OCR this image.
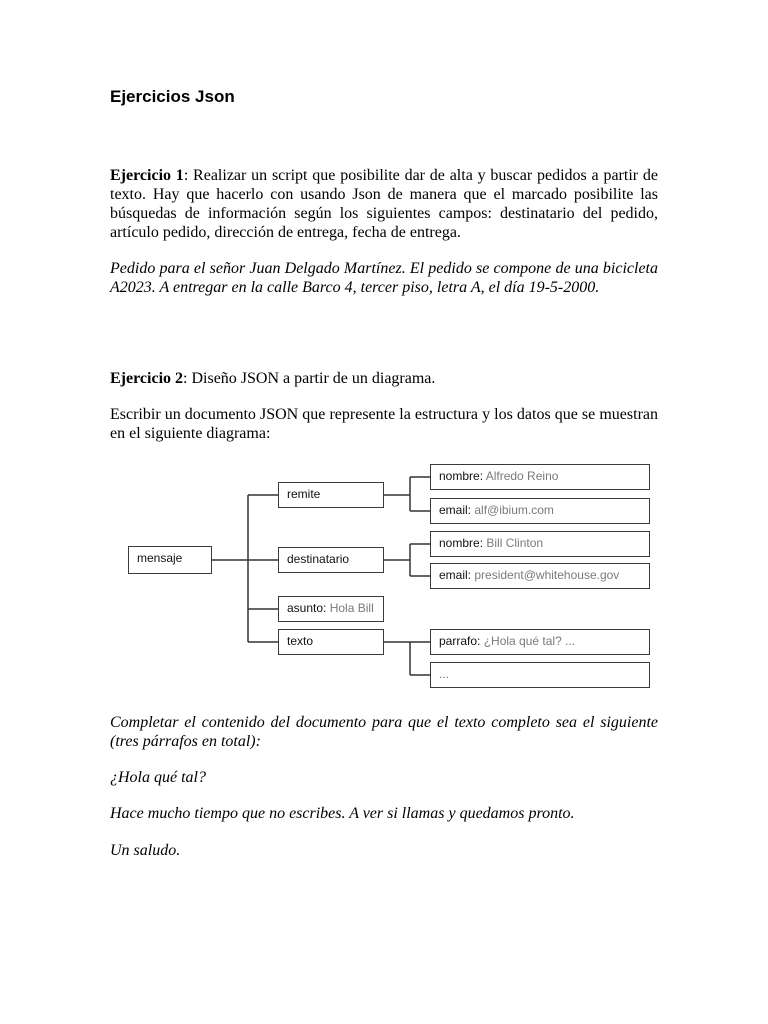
Ejercicios Json

Ejercicio 1: Realizar un script que posibilite dar de alta y buscar pedidos a partir de texto. Hay que hacerlo con usando Json de manera que el marcado posibilite las búsquedas de información según los siguientes campos: destinatario del pedido, artículo pedido, dirección de entrega, fecha de entrega.

Pedido para el señor Juan Delgado Martínez. El pedido se compone de una bicicleta A2023. A entregar en la calle Barco 4, tercer piso, letra A, el día 19-5-2000.

Ejercicio 2: Diseño JSON a partir de un diagrama.

Escribir un documento JSON que represente la estructura y los datos que se muestran en el siguiente diagrama:

mensaje
remite
destinatario
asunto: Hola Bill
texto
nombre: Alfredo Reino
email: alf@ibium.com
nombre: Bill Clinton
email: president@whitehouse.gov
parrafo: ¿Hola qué tal? ...
...

Completar el contenido del documento para que el texto completo sea el siguiente (tres párrafos en total):

¿Hola qué tal?

Hace mucho tiempo que no escribes. A ver si llamas y quedamos pronto.

Un saludo.
